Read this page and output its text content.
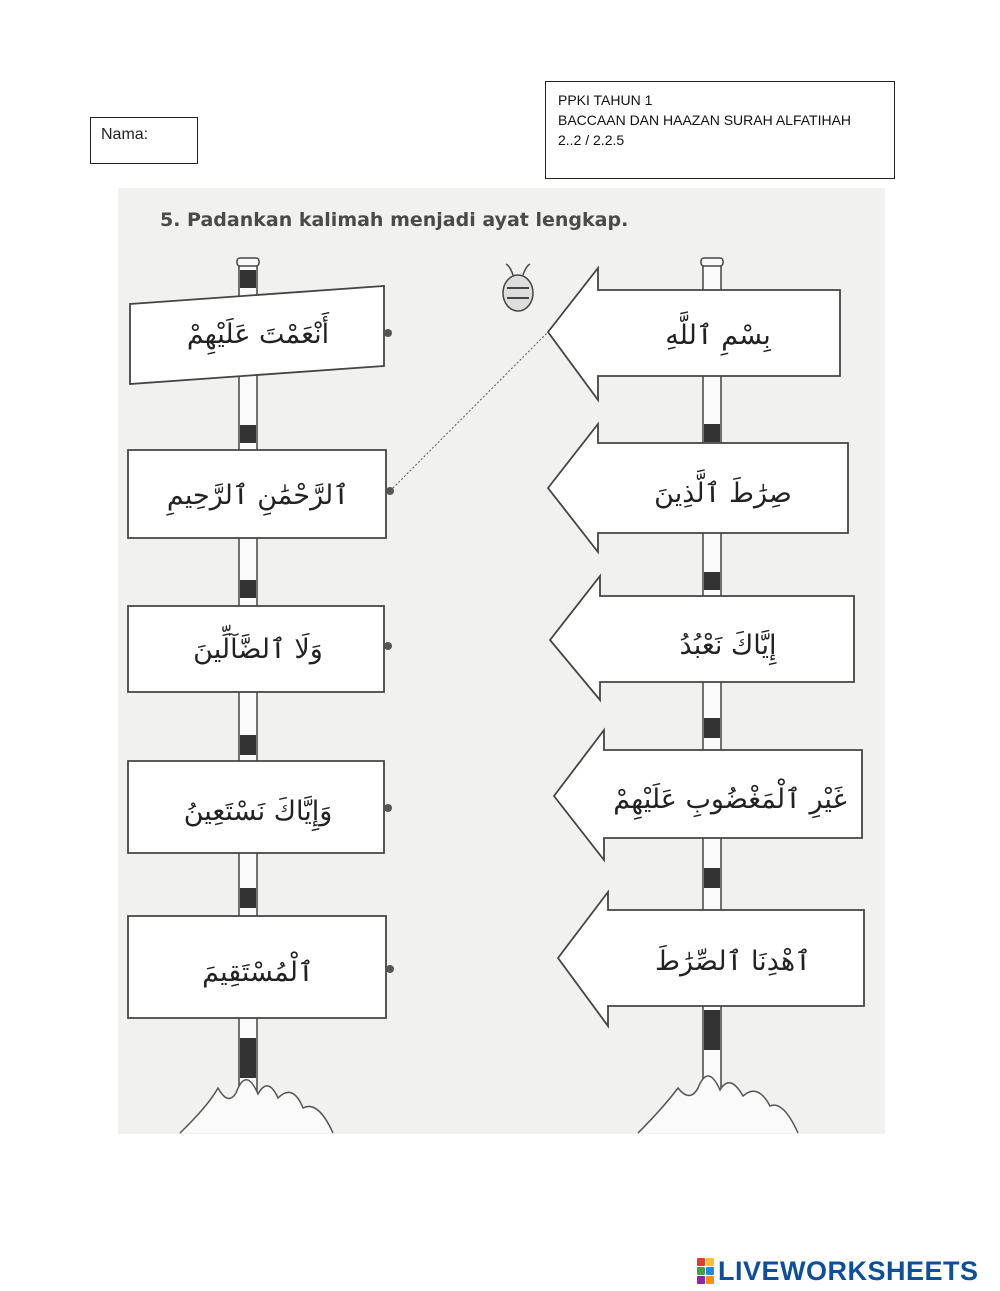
Nama:
PPKI TAHUN 1
BACCAAN DAN HAAZAN SURAH ALFATIHAH
2..2 / 2.2.5
5. Padankan kalimah menjadi ayat lengkap.
أَنْعَمْتَ عَلَيْهِمْ
ٱلرَّحْمَٰنِ ٱلرَّحِيمِ
وَلَا ٱلضَّآلِّينَ
وَإِيَّاكَ نَسْتَعِينُ
ٱلْمُسْتَقِيمَ
بِسْمِ ٱللَّهِ
صِرَٰطَ ٱلَّذِينَ
إِيَّاكَ نَعْبُدُ
غَيْرِ ٱلْمَغْضُوبِ عَلَيْهِمْ
ٱهْدِنَا ٱلصِّرَٰطَ
LIVEWORKSHEETS
